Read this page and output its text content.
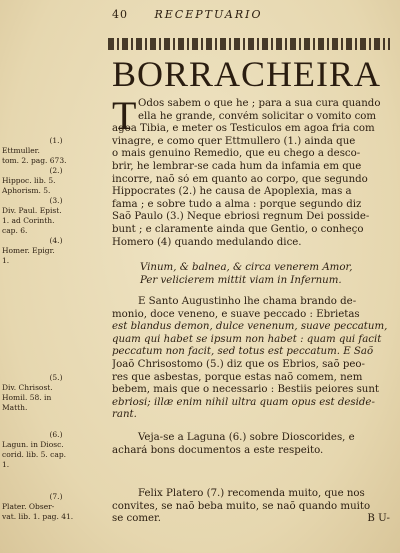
40 RECEPTUARIO
BORRACHEIRA
T Odos sabem o que he ; para a sua cura quando
ella he grande, convém solicitar o vomito com
agoa Tibia, e meter os Testiculos em agoa fria com
vinagre, e como quer Ettmullero (1.) ainda que
o mais genuino Remedio, que eu chego a desco-
brir, he lembrar-se cada hum da infamia em que
incorre, naõ só em quanto ao corpo, que segundo
Hippocrates (2.) he causa de Apoplexia, mas a
fama ; e sobre tudo a alma : porque segundo diz
Saõ Paulo (3.) Neque ebriosi regnum Dei possidе-
bunt ; e claramente ainda que Gentio, o conheço
Homero (4) quando medulando dice.
(1.)
Ettmuller.
tom. 2. pag. 673.
(2.)
Hippoc. lib. 5.
Aphorism. 5.
(3.)
Div. Paul. Epist.
1. ad Corinth.
cap. 6.
(4.)
Homer. Epigr.
1.
Vinum, & balnea, & circa venerem Amor,
Per velicierem mittit viam in Infernum.
E Santo Augustinho lhe chama brando de-
monio, doce veneno, e suave peccado : Ebrietas
est blandus demon, dulce venenum, suave peccatum,
quam qui habet se ipsum non habet : quam qui facit
peccatum non facit, sed totus est peccatum. E Saõ
Joaõ Chrisostomo (5.) diz que os Ebrios, saõ peo-
res que asbestas, porque estas naõ comem, nem
bebem, mais que o necessario : Bestiis peiores sunt
ebriosi; illæ enim nihil ultra quam opus est deside-
rant.
(5.)
Div. Chrisost.
Homil. 58. in
Matth.
Veja-se a Laguna (6.) sobre Dioscorides, e
achará bons documentos a este respeito.
(6.)
Lagun. in Diosc.
corid. lib. 5. cap.
1.
Felix Platero (7.) recomenda muito, que nos
convites, se naõ beba muito, se naõ quando muito
se comer.	B U-
(7.)
Plater. Obser-
vat. lib. 1. pag. 41.
